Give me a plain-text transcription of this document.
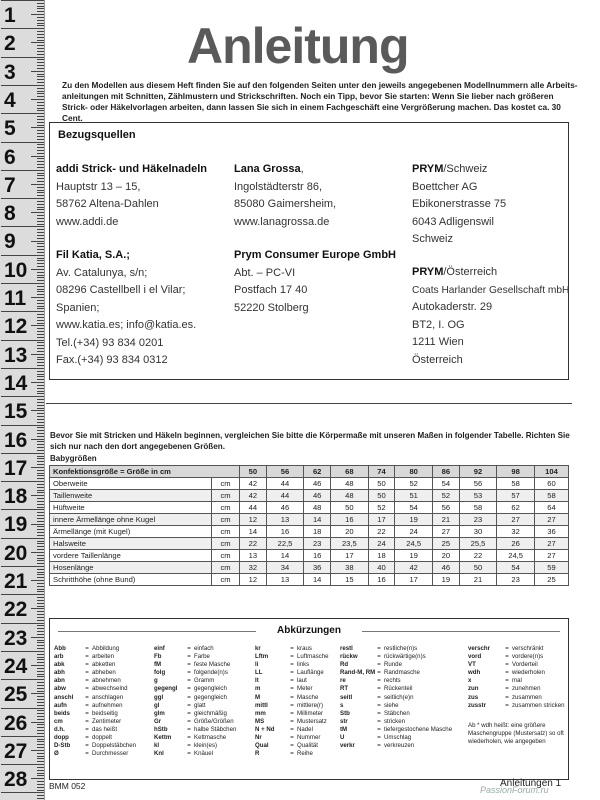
1
2
3
4
5
6
7
8
9
10
11
12
13
14
15
16
17
18
19
20
21
22
23
24
25
26
27
28
Anleitung
Zu den Modellen aus diesem Heft finden Sie auf den folgenden Seiten unter den jeweils angegebenen Modellnummern alle Arbeits-anleitungen mit Schnitten, Zählmustern und Strickschriften. Noch ein Tipp, bevor Sie starten: Wenn Sie lieber nach größeren Strick- oder Häkelvorlagen arbeiten, dann lassen Sie sich in einem Fachgeschäft eine Vergrößerung machen. Das kostet ca. 30 Cent.
Bezugsquellen
addi Strick- und Häkelnadeln
Hauptstr 13 – 15,
58762 Altena-Dahlen
www.addi.de
Fil Katia, S.A.;
Av. Catalunya, s/n;
08296 Castellbell i el Vilar;
Spanien;
www.katia.es; info@katia.es.
Tel.(+34) 93 834 0201
Fax.(+34) 93 834 0312
Lana Grossa,
Ingolstädterstr 86,
85080 Gaimersheim,
www.lanagrossa.de
Prym Consumer Europe GmbH
Abt. – PC-VI
Postfach 17 40
52220 Stolberg
PRYM/Schweiz
Boettcher AG
Ebikonerstrasse 75
6043 Adligenswil
Schweiz
PRYM/Österreich
Coats Harlander Gesellschaft mbH
Autokaderstr. 29
BT2, I. OG
1211 Wien
Österreich
Bevor Sie mit Stricken und Häkeln beginnen, vergleichen Sie bitte die Körpermaße mit unseren Maßen in folgender Tabelle. Richten Sie sich nur nach den dort angegebenen Größen.
Babygrößen
Konfektionsgröße = Größe in cm		50	56	62	68	74	80	86	92	98	104
Oberweite	cm	42	44	46	48	50	52	54	56	58	60
Taillenweite	cm	42	44	46	48	50	51	52	53	57	58
Hüftweite	cm	44	46	48	50	52	54	56	58	62	64
innere Ärmellänge ohne Kugel	cm	12	13	14	16	17	19	21	23	27	27
Ärmellänge (mit Kugel)	cm	14	16	18	20	22	24	27	30	32	36
Halsweite	cm	22	22,5	23	23,5	24	24,5	25	25,5	26	27
vordere Taillenlänge	cm	13	14	16	17	18	19	20	22	24,5	27
Hosenlänge	cm	32	34	36	38	40	42	46	50	54	59
Schritthöhe (ohne Bund)	cm	12	13	14	15	16	17	19	21	23	25
Abkürzungen
Abb	= Abbildung
arb	= arbeiten
abk	= abketten
abh	= abheben
abn	= abnehmen
abw	= abwechselnd
anschl = anschlagen
aufn	= aufnehmen
beids	= beidseitig
cm	= Zentimeter
d.h.	= das heißt
dopp	= doppelt
D-Stb = Doppelstäbchen
Ø	= Durchmesser
einf	= einfach
Fb	= Farbe
fM	= feste Masche
folg	= folgende(n)s
g	= Gramm
gegengl = gegengleich
ggl	= gegengleich
gl	= glatt
glm	= gleichmäßig
Gr	= Größe/Größen
hStb	= halbe Stäbchen
Kettm	= Kettmasche
kl	= klein(es)
Knl	= Knäuel
kr	= kraus
Lftm	= Luftmasche
li	= links
LL	= Lauflänge
lt	= laut
m	= Meter
M	= Masche
mittl	= mittlere(r)
mm	= Millimeter
MS	= Mustersatz
N + Nd	= Nadel
Nr	= Nummer
Qual	= Qualität
R	= Reihe
restl	= restliche(n)s
rückw	= rückwärtige(n)s
Rd	= Runde
Rand-M, RM = Randmasche
re	= rechts
RT	= Rückenteil
seitl	= seitlich(e)n
s	= siehe
Stb	= Stäbchen
str	= stricken
tM	= tiefergestochene Masche
U	= Umschlag
verkr	= verkreuzen
verschr = verschränkt
vord	= vordere(n)s
VT	= Vorderteil
wdh	= wiederholen
x	= mal
zun	= zunehmen
zus	= zusammen
zusstr	= zusammen stricken
Ab * wdh heißt: eine größere Maschengruppe (Mustersatz) so oft wiederholen, wie angegeben
BMM 052	Anleitungen 1
PassionForum.ru
